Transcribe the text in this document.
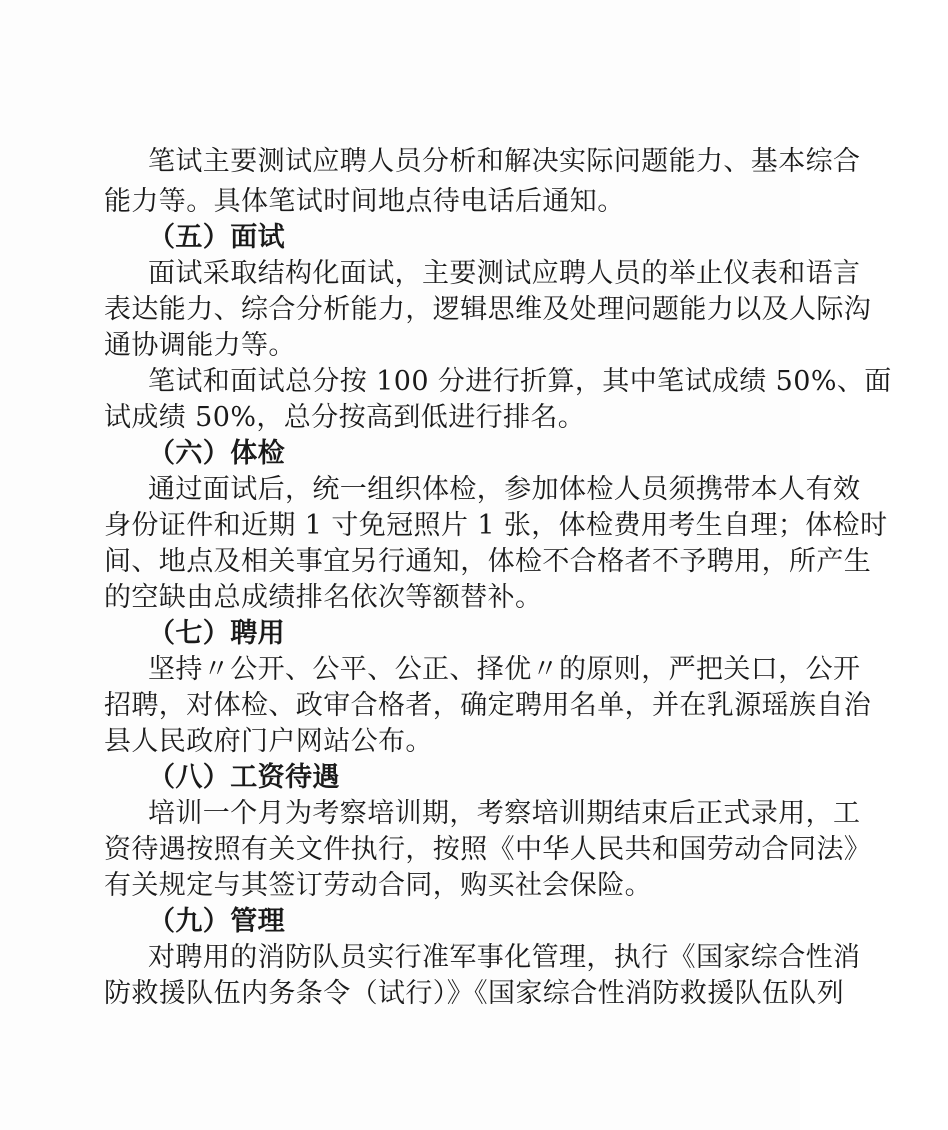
笔试主要测试应聘人员分析和解决实际问题能力、基本综合
能力等。具体笔试时间地点待电话后通知。
（五）面试
面试采取结构化面试，主要测试应聘人员的举止仪表和语言
表达能力、综合分析能力，逻辑思维及处理问题能力以及人际沟
通协调能力等。
笔试和面试总分按 100 分进行折算，其中笔试成绩 50%、面
试成绩 50%，总分按高到低进行排名。
（六）体检
通过面试后，统一组织体检，参加体检人员须携带本人有效
身份证件和近期 1 寸免冠照片 1 张，体检费用考生自理；体检时
间、地点及相关事宜另行通知，体检不合格者不予聘用，所产生
的空缺由总成绩排名依次等额替补。
（七）聘用
坚持〃公开、公平、公正、择优〃的原则，严把关口，公开
招聘，对体检、政审合格者，确定聘用名单，并在乳源瑶族自治
县人民政府门户网站公布。
（八）工资待遇
培训一个月为考察培训期，考察培训期结束后正式录用，工
资待遇按照有关文件执行，按照《中华人民共和国劳动合同法》
有关规定与其签订劳动合同，购买社会保险。
（九）管理
对聘用的消防队员实行准军事化管理，执行《国家综合性消
防救援队伍内务条令（试行）》《国家综合性消防救援队伍队列
